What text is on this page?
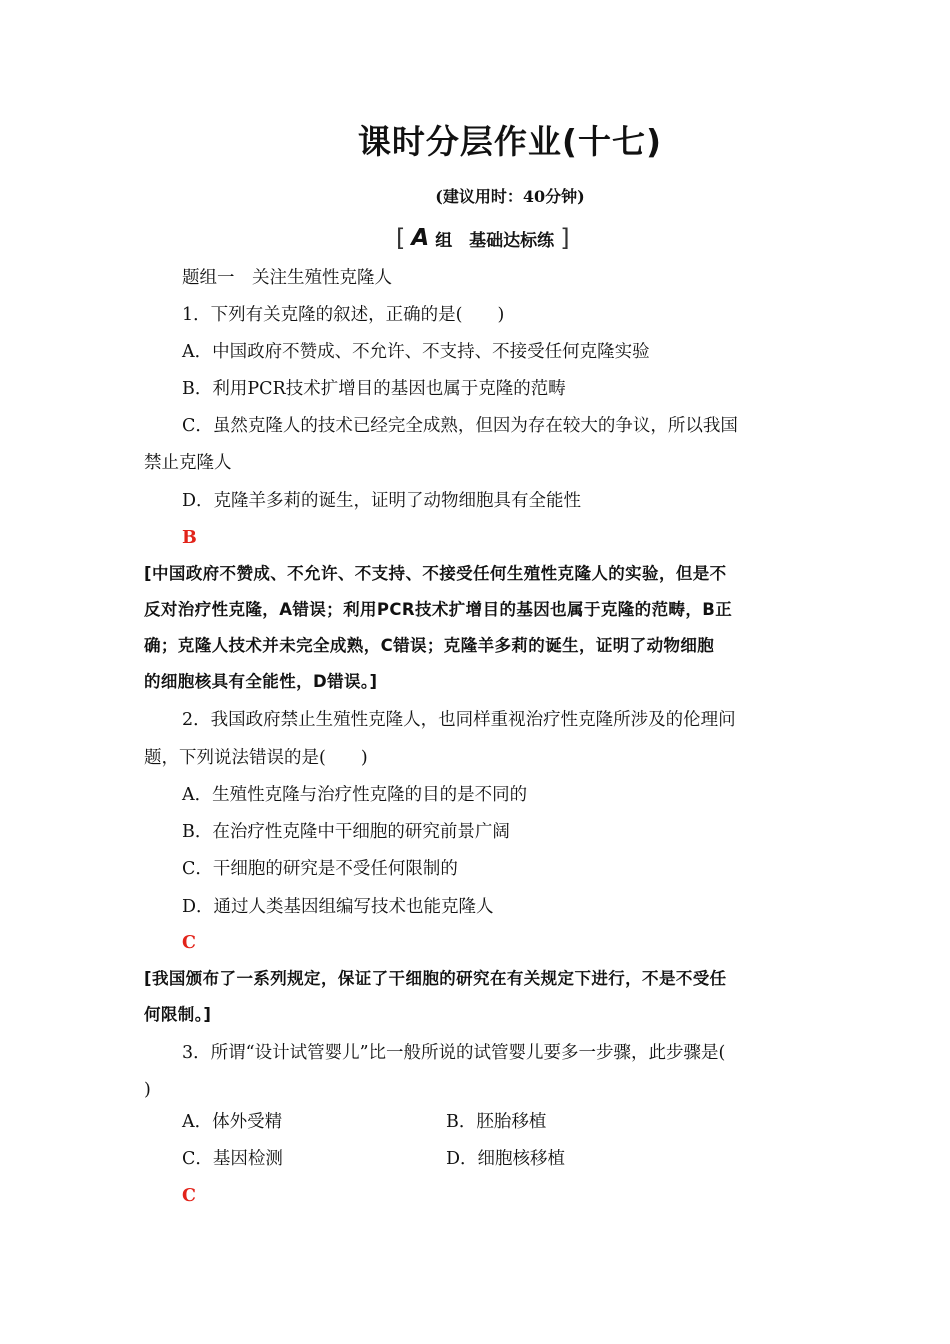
课时分层作业(十七)
(建议用时：40分钟)
[ A 组　基础达标练 ]
题组一　关注生殖性克隆人
1．下列有关克隆的叙述，正确的是(　　)
A．中国政府不赞成、不允许、不支持、不接受任何克隆实验
B．利用PCR技术扩增目的基因也属于克隆的范畴
C．虽然克隆人的技术已经完全成熟，但因为存在较大的争议，所以我国
禁止克隆人
D．克隆羊多莉的诞生，证明了动物细胞具有全能性
B
[中国政府不赞成、不允许、不支持、不接受任何生殖性克隆人的实验，但是不
反对治疗性克隆，A错误；利用PCR技术扩增目的基因也属于克隆的范畴，B正
确；克隆人技术并未完全成熟，C错误；克隆羊多莉的诞生，证明了动物细胞
的细胞核具有全能性，D错误。]
2．我国政府禁止生殖性克隆人，也同样重视治疗性克隆所涉及的伦理问
题，下列说法错误的是(　　)
A．生殖性克隆与治疗性克隆的目的是不同的
B．在治疗性克隆中干细胞的研究前景广阔
C．干细胞的研究是不受任何限制的
D．通过人类基因组编写技术也能克隆人
C
[我国颁布了一系列规定，保证了干细胞的研究在有关规定下进行，不是不受任
何限制。]
3．所谓“设计试管婴儿”比一般所说的试管婴儿要多一步骤，此步骤是(
)
A．体外受精	B．胚胎移植
C．基因检测	D．细胞核移植
C
